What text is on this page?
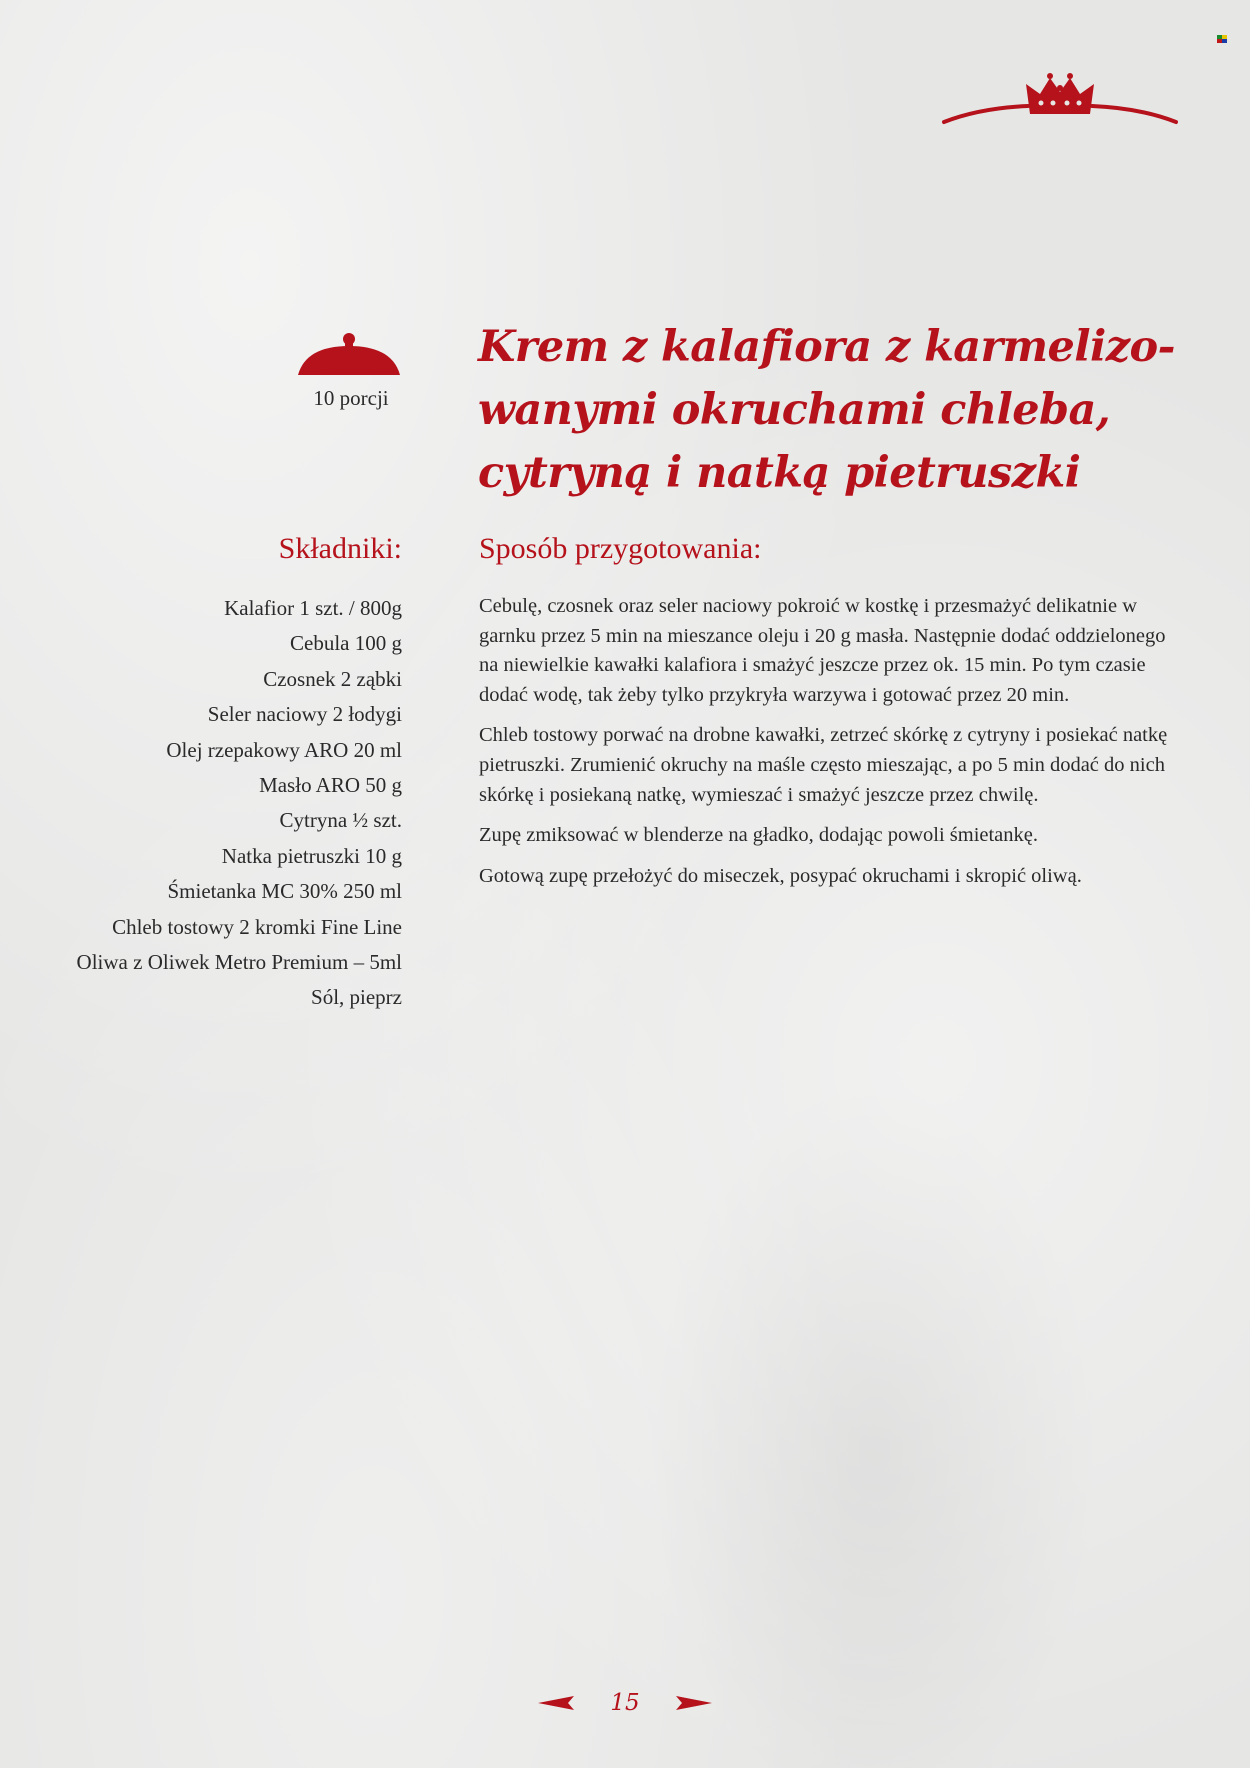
10 porcji
Krem z kalafiora z karmelizo-
wanymi okruchami chleba,
cytryną i natką pietruszki
Składniki:
Kalafior 1 szt. / 800g
Cebula 100 g
Czosnek 2 ząbki
Seler naciowy 2 łodygi
Olej rzepakowy ARO 20 ml
Masło ARO 50 g
Cytryna ½ szt.
Natka pietruszki 10 g
Śmietanka MC 30% 250 ml
Chleb tostowy 2 kromki Fine Line
Oliwa z Oliwek Metro Premium – 5ml
Sól, pieprz
Sposób przygotowania:

Cebulę, czosnek oraz seler naciowy pokroić w kostkę i przesmażyć delikatnie w garnku przez 5 min na mieszance oleju i 20 g masła. Następnie dodać oddzielonego na niewielkie kawałki kalafiora i smażyć jeszcze przez ok. 15 min. Po tym czasie dodać wodę, tak żeby tylko przykryła warzywa i gotować przez 20 min.

Chleb tostowy porwać na drobne kawałki, zetrzeć skórkę z cytryny i posiekać natkę pietruszki. Zrumienić okruchy na maśle często mieszając, a po 5 min dodać do nich skórkę i posiekaną natkę, wymieszać i smażyć jeszcze przez chwilę.

Zupę zmiksować w blenderze na gładko, dodając powoli śmietankę.

Gotową zupę przełożyć do miseczek, posypać okruchami i skropić oliwą.

15
